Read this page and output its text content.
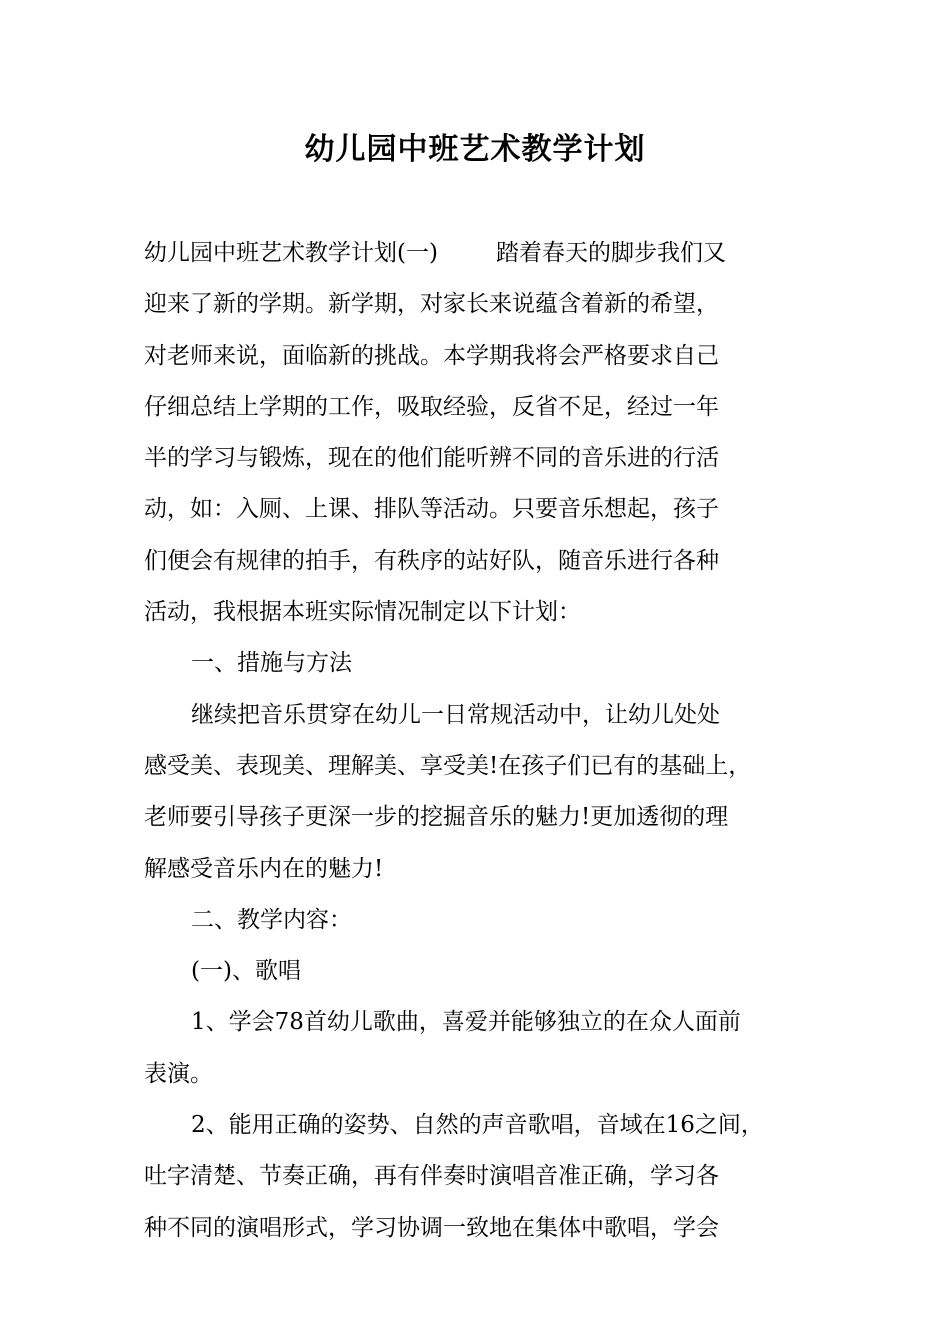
幼儿园中班艺术教学计划
幼儿园中班艺术教学计划(一)	踏着春天的脚步我们又
迎来了新的学期。新学期，对家长来说蕴含着新的希望，
对老师来说，面临新的挑战。本学期我将会严格要求自己
仔细总结上学期的工作，吸取经验，反省不足，经过一年
半的学习与锻炼，现在的他们能听辨不同的音乐进的行活
动，如：入厕、上课、排队等活动。只要音乐想起，孩子
们便会有规律的拍手，有秩序的站好队，随音乐进行各种
活动，我根据本班实际情况制定以下计划：
一、措施与方法
继续把音乐贯穿在幼儿一日常规活动中，让幼儿处处
感受美、表现美、理解美、享受美!在孩子们已有的基础上，
老师要引导孩子更深一步的挖掘音乐的魅力!更加透彻的理
解感受音乐内在的魅力!
二、教学内容：
(一)、歌唱
1、学会78首幼儿歌曲，喜爱并能够独立的在众人面前
表演。
2、能用正确的姿势、自然的声音歌唱，音域在16之间，
吐字清楚、节奏正确，再有伴奏时演唱音准正确，学习各
种不同的演唱形式，学习协调一致地在集体中歌唱，学会
